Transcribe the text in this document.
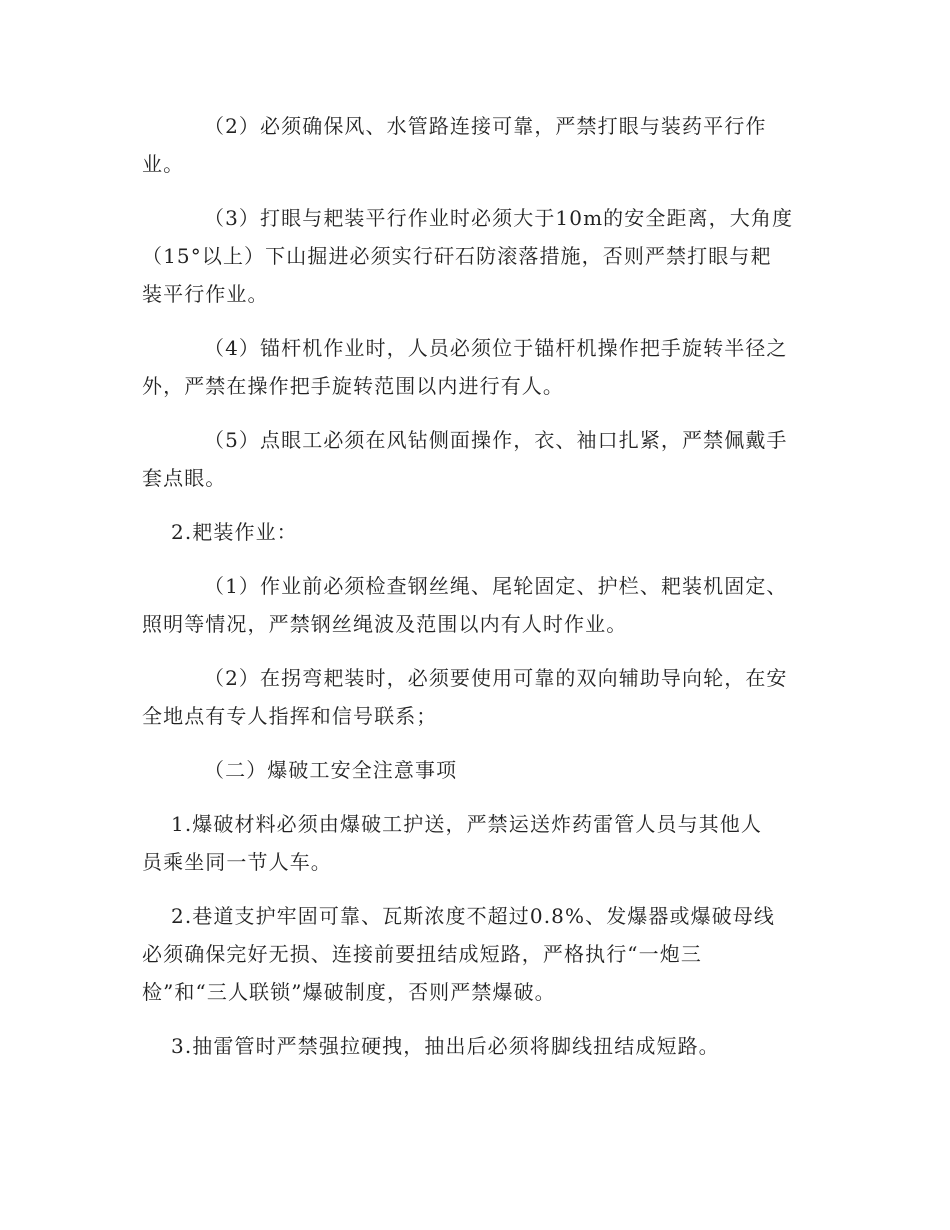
（2）必须确保风、水管路连接可靠，严禁打眼与装药平行作
业。

（3）打眼与耙装平行作业时必须大于10m的安全距离，大角度
（15°以上）下山掘进必须实行矸石防滚落措施，否则严禁打眼与耙
装平行作业。

（4）锚杆机作业时，人员必须位于锚杆机操作把手旋转半径之
外，严禁在操作把手旋转范围以内进行有人。

（5）点眼工必须在风钻侧面操作，衣、袖口扎紧，严禁佩戴手
套点眼。

2.耙装作业：

（1）作业前必须检查钢丝绳、尾轮固定、护栏、耙装机固定、
照明等情况，严禁钢丝绳波及范围以内有人时作业。

（2）在拐弯耙装时，必须要使用可靠的双向辅助导向轮，在安
全地点有专人指挥和信号联系；

（二）爆破工安全注意事项

1.爆破材料必须由爆破工护送，严禁运送炸药雷管人员与其他人
员乘坐同一节人车。

2.巷道支护牢固可靠、瓦斯浓度不超过0.8%、发爆器或爆破母线
必须确保完好无损、连接前要扭结成短路，严格执行“一炮三
检”和“三人联锁”爆破制度，否则严禁爆破。

3.抽雷管时严禁强拉硬拽，抽出后必须将脚线扭结成短路。
